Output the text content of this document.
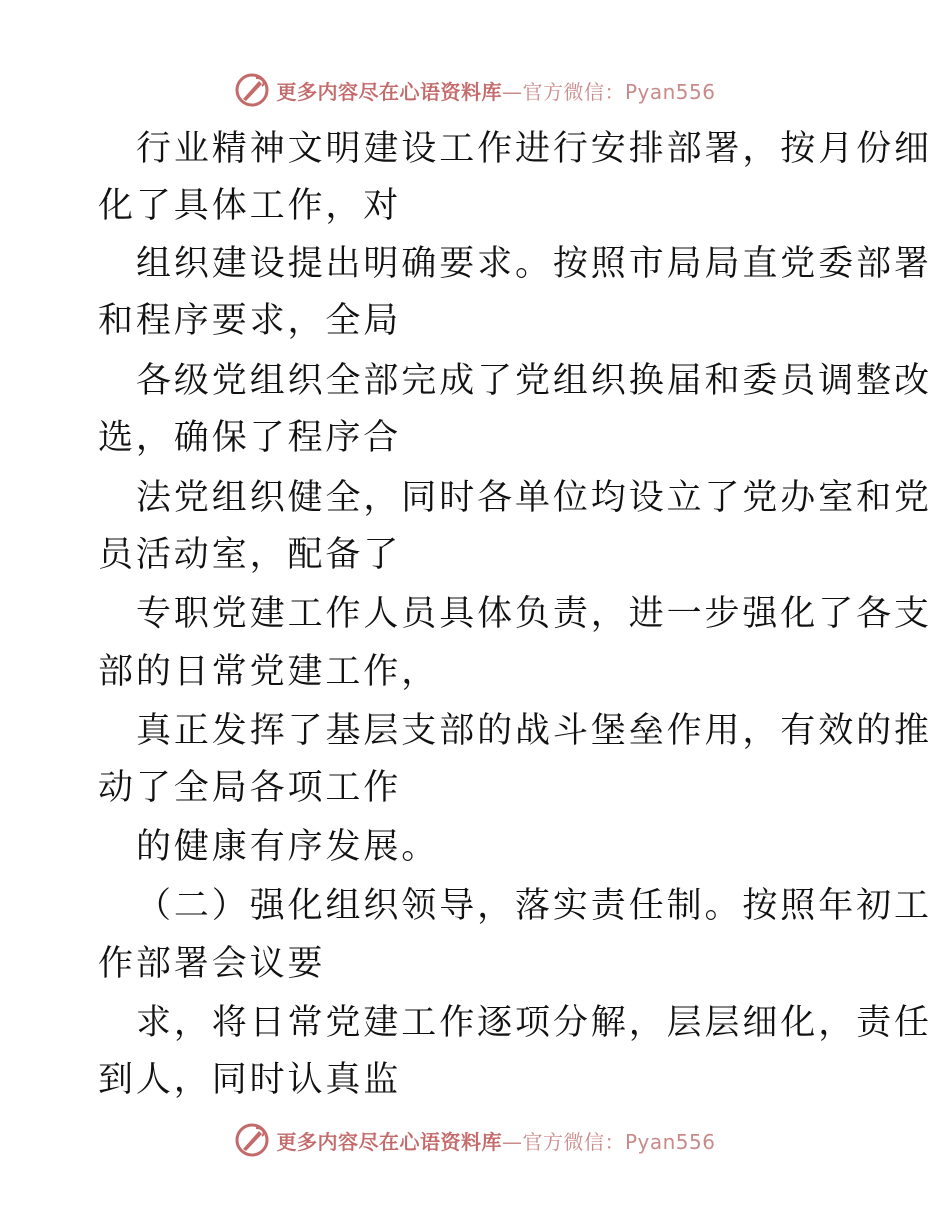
更多内容尽在心语资料库—官方微信：Pyan556
行业精神文明建设工作进行安排部署，按月份细
化了具体工作，对
组织建设提出明确要求。按照市局局直党委部署
和程序要求，全局
各级党组织全部完成了党组织换届和委员调整改
选，确保了程序合
法党组织健全，同时各单位均设立了党办室和党
员活动室，配备了
专职党建工作人员具体负责，进一步强化了各支
部的日常党建工作，
真正发挥了基层支部的战斗堡垒作用，有效的推
动了全局各项工作
的健康有序发展。
（二）强化组织领导，落实责任制。按照年初工
作部署会议要
求，将日常党建工作逐项分解，层层细化，责任
到人，同时认真监
更多内容尽在心语资料库—官方微信：Pyan556
